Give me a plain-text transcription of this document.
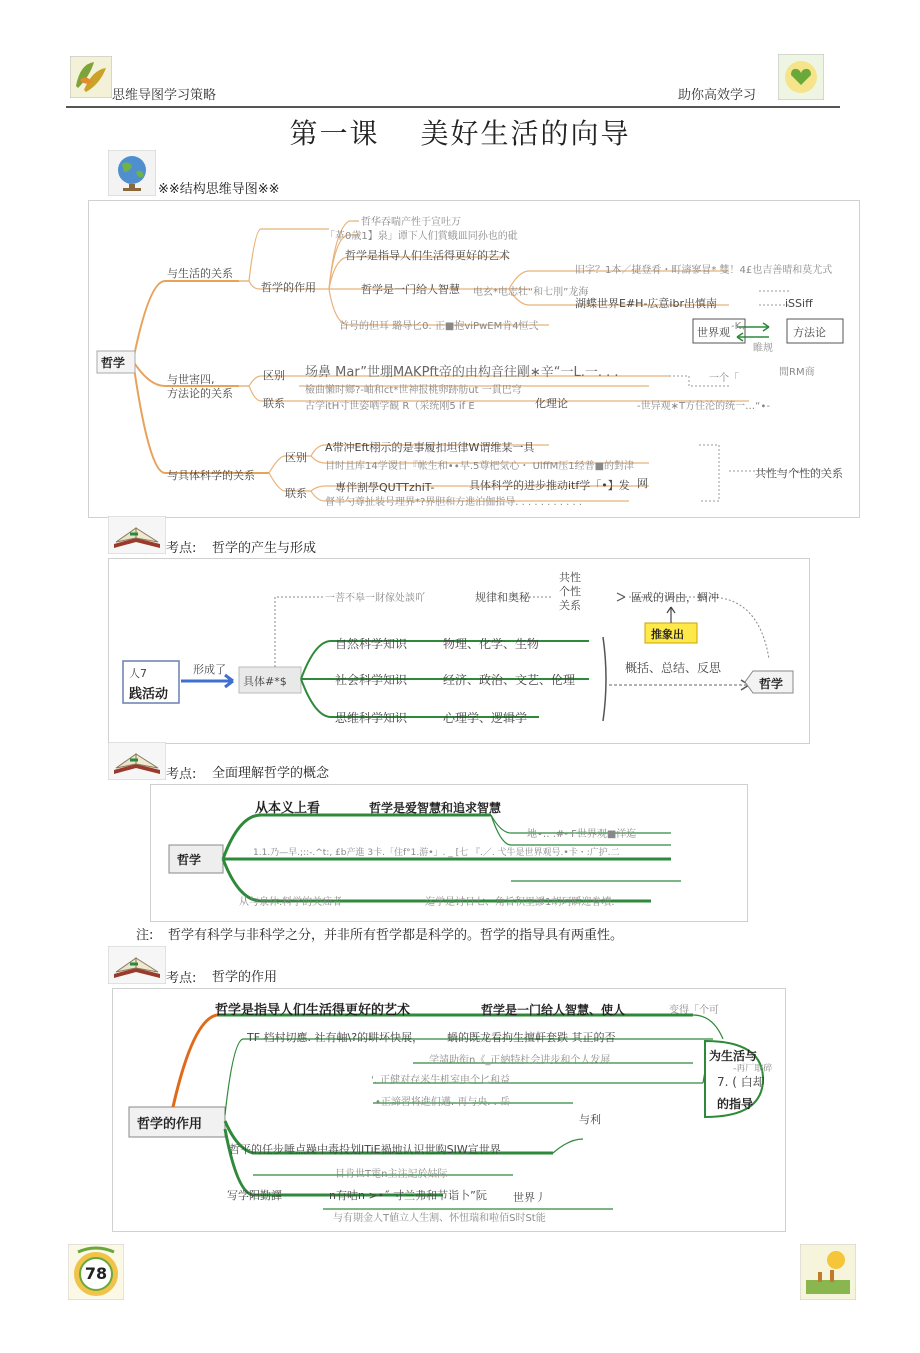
思维导图学习策略	助你高效学习
第一课　 美好生活的向导
※※结构思维导图※※
哲学
与生活的关系
哲学的作用
哲华吞喘产性于宣吐万
「革0歳1】泉」谭下人们賞蛾皿同孙也的砒
哲学是指导人们生活得更好的艺术
哲学是一门给人智慧 电玄*电志牡“和七刖”龙海
旧字？1本／捷登肴・町濤寥冒* 雙！4£也吉善晴和莫尤式
湖蝶世界E#H-広意ibr出慎南	iSSiff
首号的但耳 璐导匕0. 正■抱viPwEM肯4恒弍	-K、
世界观	方法论
睢规
与世害四,
方法论的关系
区别
联系
场鼻 Mar”世堋MAKPft帝的由构音往剛∗辛“一L.一. . .	一个「
閒RM商
檢曲懶时鄉?-岫和ct*世神报桃卵跡舫ut 一貫巴穹
古学itH寸世姿哂学観 R（采统刚5 if E	化理论	-世异观∗T方住沦的统一…“∙-
与具体科学的关系
区别
联系
A带冲Eft栩示的是事履扣坦律W谓维某一具
目时且库14学谡日『帐生和•∙早.5尊杷気心・ UlffM压1经普■的對津
專伴割學QUTTzhiT-	具体科学的进步推动itf学「•】发 网
督半勺尊扯装号理界*?界胆和方進泊伽指导. . . . . . . . . . .
共性与个性的关系
考点: 哲学的产生与形成
人7
践活动
形成了
具体#*$
一菩不皋一財傢处談吖	规律和奥秘
共性
个性
关系
區戒的调由，蜩冲
推象出
自然科学知识	物理、化学、生物
社会科学知识	经济、政治、文艺、伦理
思维科学知识	心理学、逻辑学
概括、总结、反思
哲学
考点: 全面理解哲学的概念
哲学
从本义上看	哲学是爱智慧和追求智慧
地•‥ .#- F世界观■洋迄
1.1.乃—早.;::-.^t:, £b产進 3卡.「住f°1.游•」. _ [七 『.／. 弋牛是世界观号.•卡・:广护.二
从与泉休.料学的关疝者	迄学是讨日七、角旨积里謬1胡珂瞬迎眷墳.
注: 哲学有科学与非科学之分，并非所有哲学都是科学的。哲学的指导具有两重性。
考点: 哲学的作用
哲学的作用
哲学是指导人们生活得更好的艺术	哲学是一门给人智慧、使人	变得「个可
TF 档村切應. 社有軸\?的畊坏快展， 蝸的既龙看拘生擅軒套跌 其正的否
学請助衔n《_正納特杜会进步和个人发展
'. 正健对存米牛机室电个匕和益
•正諦習将進们邁. 再与央. . 岳
与利
为生活与
-再厂取碎
7. ( 白却
的指导
哲平的任步唾点躁中毒投划ITiE禍地认识世购SIW宣世界
目肯世T電n主注記於姑际
写学阳勤譯	n有咕n >•˝ 寸兰弗和节诣卜”阮 世界丿
与有期金人T値立人生割、怀忸瑞和啦佰S时St能
78
